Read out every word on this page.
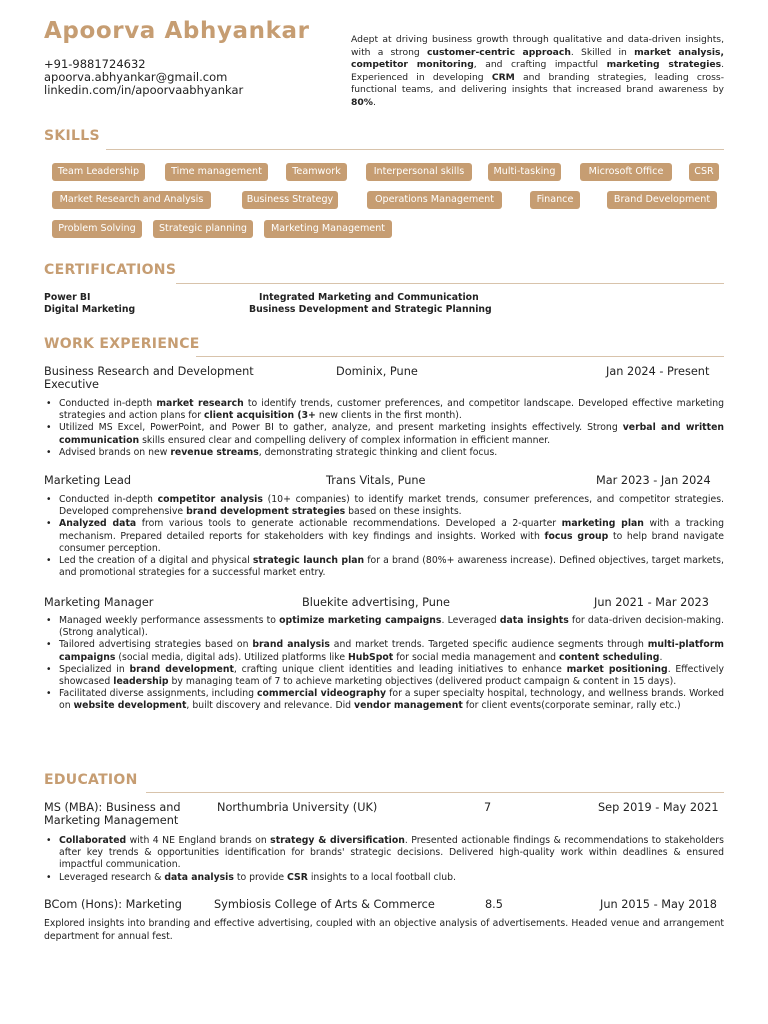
Apoorva Abhyankar
+91-9881724632
apoorva.abhyankar@gmail.com
linkedin.com/in/apoorvaabhyankar
Adept at driving business growth through qualitative and data-driven insights, with a strong customer-centric approach. Skilled in market analysis, competitor monitoring, and crafting impactful marketing strategies. Experienced in developing CRM and branding strategies, leading cross-functional teams, and delivering insights that increased brand awareness by 80%.
SKILLS
Team Leadership	Time management	Teamwork	Interpersonal skills	Multi-tasking	Microsoft Office	CSR
Market Research and Analysis	Business Strategy	Operations Management	Finance	Brand Development
Problem Solving	Strategic planning	Marketing Management
CERTIFICATIONS
Power BI	Integrated Marketing and Communication
Digital Marketing	Business Development and Strategic Planning
WORK EXPERIENCE
Business Research and Development
Executive
Dominix, Pune	Jan 2024 - Present
• Conducted in-depth market research to identify trends, customer preferences, and competitor landscape. Developed effective marketing strategies and action plans for client acquisition (3+ new clients in the first month).
• Utilized MS Excel, PowerPoint, and Power BI to gather, analyze, and present marketing insights effectively. Strong verbal and written communication skills ensured clear and compelling delivery of complex information in efficient manner.
• Advised brands on new revenue streams, demonstrating strategic thinking and client focus.
Marketing Lead	Trans Vitals, Pune	Mar 2023 - Jan 2024
• Conducted in-depth competitor analysis (10+ companies) to identify market trends, consumer preferences, and competitor strategies. Developed comprehensive brand development strategies based on these insights.
• Analyzed data from various tools to generate actionable recommendations. Developed a 2-quarter marketing plan with a tracking mechanism. Prepared detailed reports for stakeholders with key findings and insights. Worked with focus group to help brand navigate consumer perception.
• Led the creation of a digital and physical strategic launch plan for a brand (80%+ awareness increase). Defined objectives, target markets, and promotional strategies for a successful market entry.
Marketing Manager	Bluekite advertising, Pune	Jun 2021 - Mar 2023
• Managed weekly performance assessments to optimize marketing campaigns. Leveraged data insights for data-driven decision-making. (Strong analytical).
• Tailored advertising strategies based on brand analysis and market trends. Targeted specific audience segments through multi-platform campaigns (social media, digital ads). Utilized platforms like HubSpot for social media management and content scheduling.
• Specialized in brand development, crafting unique client identities and leading initiatives to enhance market positioning. Effectively showcased leadership by managing team of 7 to achieve marketing objectives (delivered product campaign & content in 15 days).
• Facilitated diverse assignments, including commercial videography for a super specialty hospital, technology, and wellness brands. Worked on website development, built discovery and relevance. Did vendor management for client events(corporate seminar, rally etc.)
EDUCATION
MS (MBA): Business and
Marketing Management
Northumbria University (UK)	7	Sep 2019 - May 2021
• Collaborated with 4 NE England brands on strategy & diversification. Presented actionable findings & recommendations to stakeholders after key trends & opportunities identification for brands' strategic decisions. Delivered high-quality work within deadlines & ensured impactful communication.
• Leveraged research & data analysis to provide CSR insights to a local football club.
BCom (Hons): Marketing	Symbiosis College of Arts & Commerce	8.5	Jun 2015 - May 2018
Explored insights into branding and effective advertising, coupled with an objective analysis of advertisements. Headed venue and arrangement department for annual fest.
